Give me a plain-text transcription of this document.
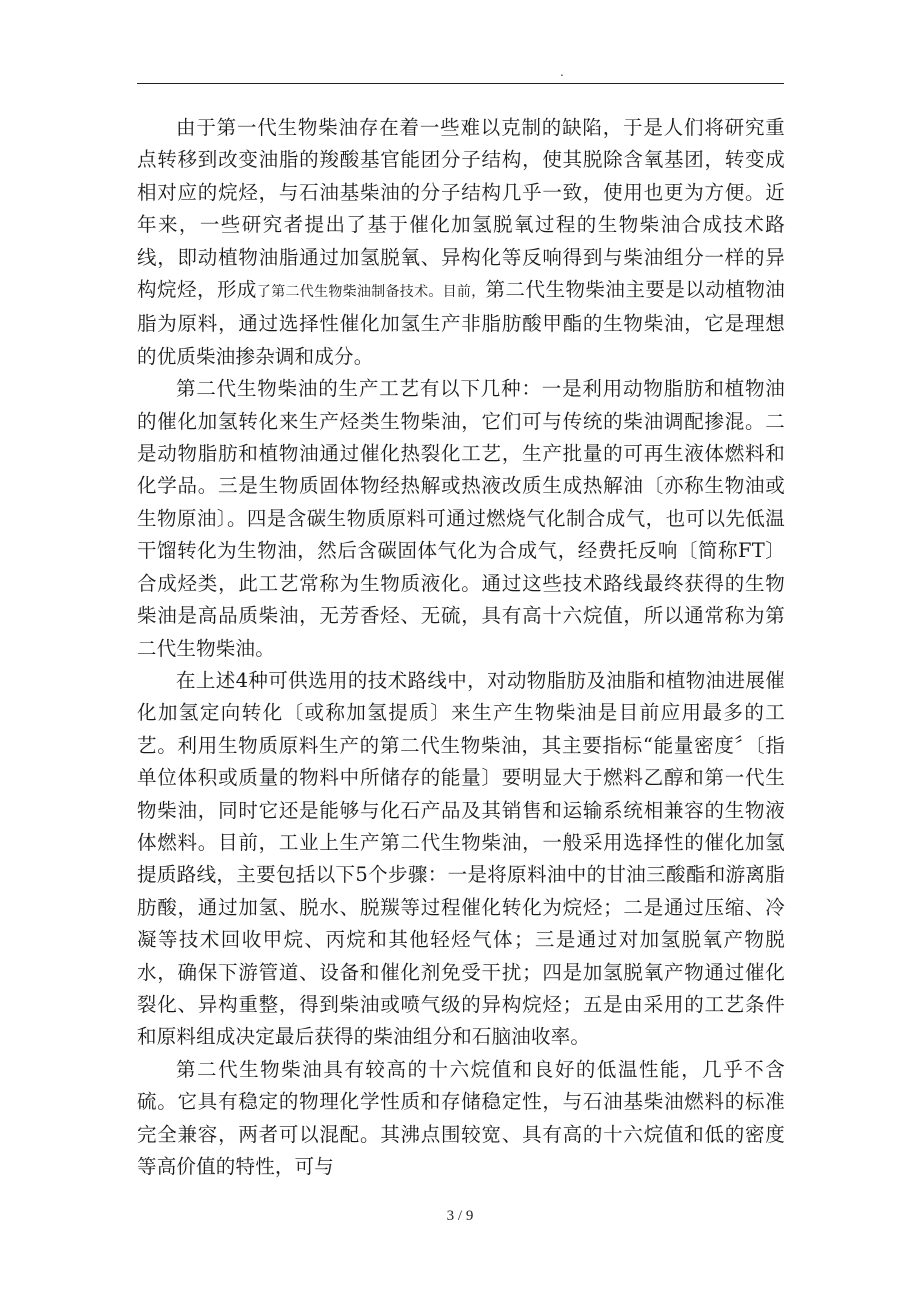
.

由于第一代生物柴油存在着一些难以克制的缺陷，于是人们将研究重点转移到改变油脂的羧酸基官能团分子结构，使其脱除含氧基团，转变成相对应的烷烃，与石油基柴油的分子结构几乎一致，使用也更为方便。近年来，一些研究者提出了基于催化加氢脱氧过程的生物柴油合成技术路线，即动植物油脂通过加氢脱氧、异构化等反响得到与柴油组分一样的异构烷烃，形成了第二代生物柴油制备技术。目前，第二代生物柴油主要是以动植物油脂为原料，通过选择性催化加氢生产非脂肪酸甲酯的生物柴油，它是理想的优质柴油掺杂调和成分。

第二代生物柴油的生产工艺有以下几种：一是利用动物脂肪和植物油的催化加氢转化来生产烃类生物柴油，它们可与传统的柴油调配掺混。二是动物脂肪和植物油通过催化热裂化工艺，生产批量的可再生液体燃料和化学品。三是生物质固体物经热解或热液改质生成热解油〔亦称生物油或生物原油〕。四是含碳生物质原料可通过燃烧气化制合成气，也可以先低温干馏转化为生物油，然后含碳固体气化为合成气，经费托反响〔简称FT〕合成烃类，此工艺常称为生物质液化。通过这些技术路线最终获得的生物柴油是高品质柴油，无芳香烃、无硫，具有高十六烷值，所以通常称为第二代生物柴油。

在上述4种可供选用的技术路线中，对动物脂肪及油脂和植物油进展催化加氢定向转化〔或称加氢提质〕来生产生物柴油是目前应用最多的工艺。利用生物质原料生产的第二代生物柴油，其主要指标“能量密度〞〔指单位体积或质量的物料中所储存的能量〕要明显大于燃料乙醇和第一代生物柴油，同时它还是能够与化石产品及其销售和运输系统相兼容的生物液体燃料。目前，工业上生产第二代生物柴油，一般采用选择性的催化加氢提质路线，主要包括以下5个步骤：一是将原料油中的甘油三酸酯和游离脂肪酸，通过加氢、脱水、脱羰等过程催化转化为烷烃；二是通过压缩、冷凝等技术回收甲烷、丙烷和其他轻烃气体；三是通过对加氢脱氧产物脱水，确保下游管道、设备和催化剂免受干扰；四是加氢脱氧产物通过催化裂化、异构重整，得到柴油或喷气级的异构烷烃；五是由采用的工艺条件和原料组成决定最后获得的柴油组分和石脑油收率。

第二代生物柴油具有较高的十六烷值和良好的低温性能，几乎不含硫。它具有稳定的物理化学性质和存储稳定性，与石油基柴油燃料的标准完全兼容，两者可以混配。其沸点围较宽、具有高的十六烷值和低的密度等高价值的特性，可与

3 / 9
